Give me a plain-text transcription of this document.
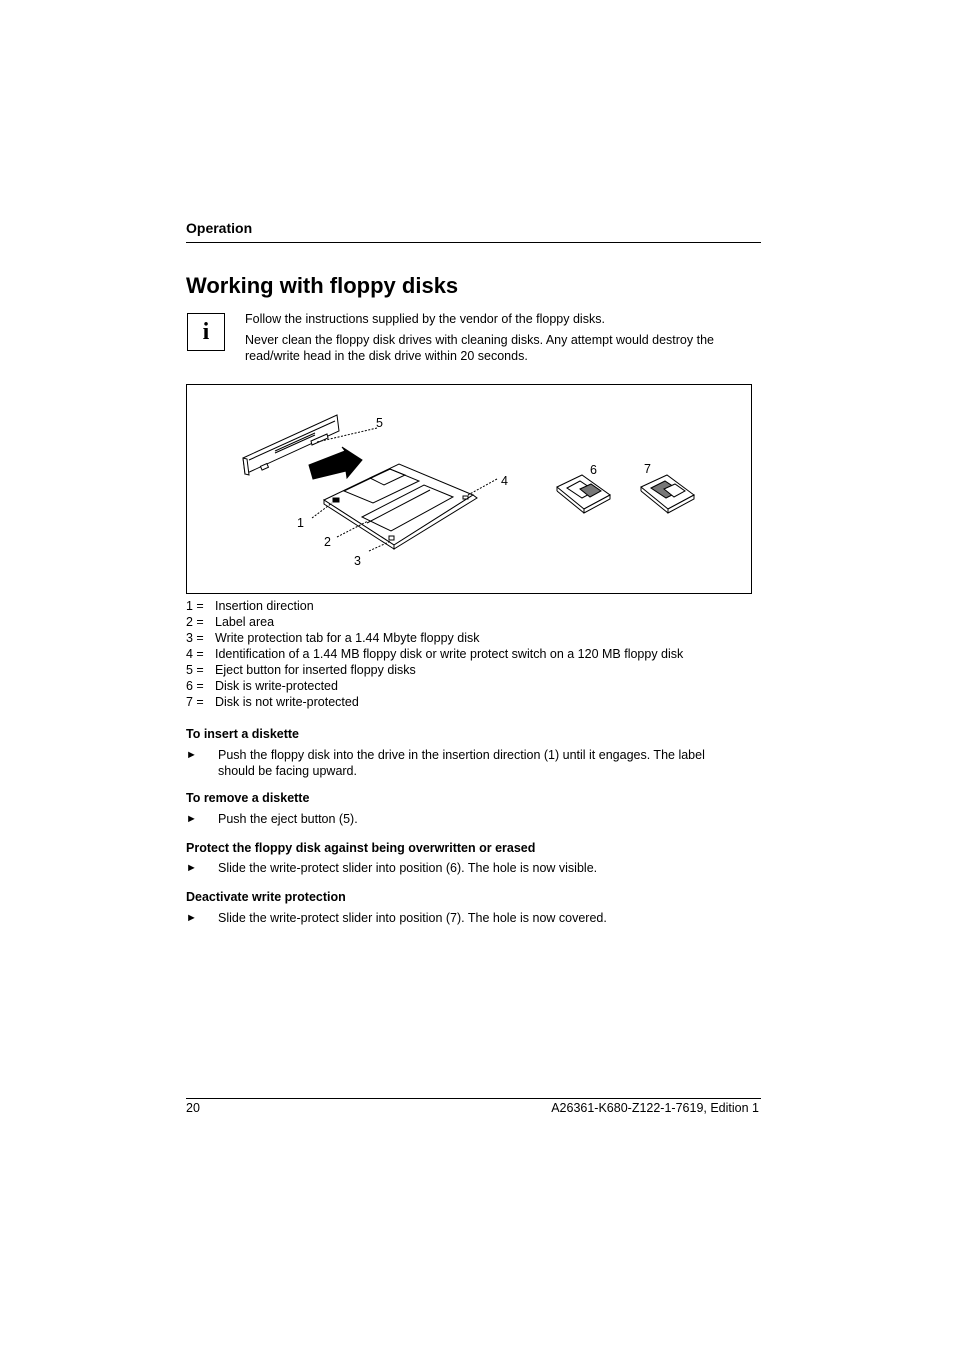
Operation
Working with floppy disks
i	Follow the instructions supplied by the vendor of the floppy disks.
Never clean the floppy disk drives with cleaning disks. Any attempt would destroy the read/write head in the disk drive within 20 seconds.
1
2
3
4
5
6	7
1 = Insertion direction
2 = Label area
3 = Write protection tab for a 1.44 Mbyte floppy disk
4 = Identification of a 1.44 MB floppy disk or write protect switch on a 120 MB floppy disk
5 = Eject button for inserted floppy disks
6 = Disk is write-protected
7 = Disk is not write-protected
To insert a diskette
►	Push the floppy disk into the drive in the insertion direction (1) until it engages. The label should be facing upward.
To remove a diskette
►	Push the eject button (5).
Protect the floppy disk against being overwritten or erased
►	Slide the write-protect slider into position (6). The hole is now visible.
Deactivate write protection
►	Slide the write-protect slider into position (7). The hole is now covered.
20	A26361-K680-Z122-1-7619, Edition 1
